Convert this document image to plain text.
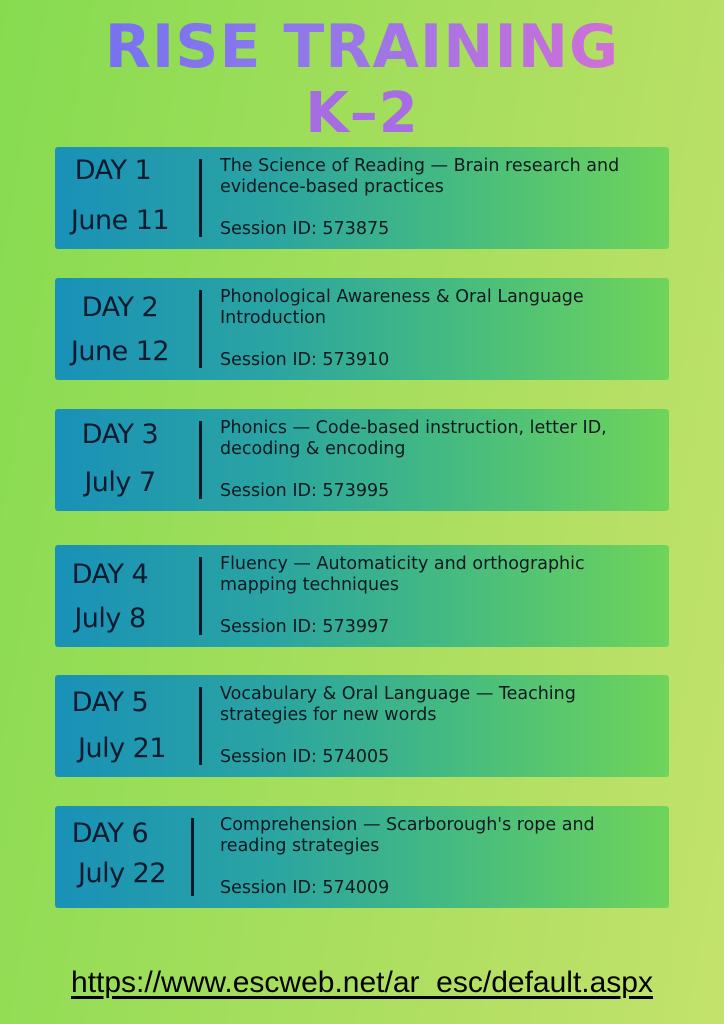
RISE TRAINING
K–2
DAY 1
June 11
The Science of Reading — Brain research and evidence-based practices
Session ID: 573875
DAY 2
June 12
Phonological Awareness & Oral Language Introduction
Session ID: 573910
DAY 3
July 7
Phonics — Code-based instruction, letter ID, decoding & encoding
Session ID: 573995
DAY 4
July 8
Fluency — Automaticity and orthographic mapping techniques
Session ID: 573997
DAY 5
July 21
Vocabulary & Oral Language — Teaching strategies for new words
Session ID: 574005
DAY 6
July 22
Comprehension — Scarborough's rope and reading strategies
Session ID: 574009
https://www.escweb.net/ar_esc/default.aspx
